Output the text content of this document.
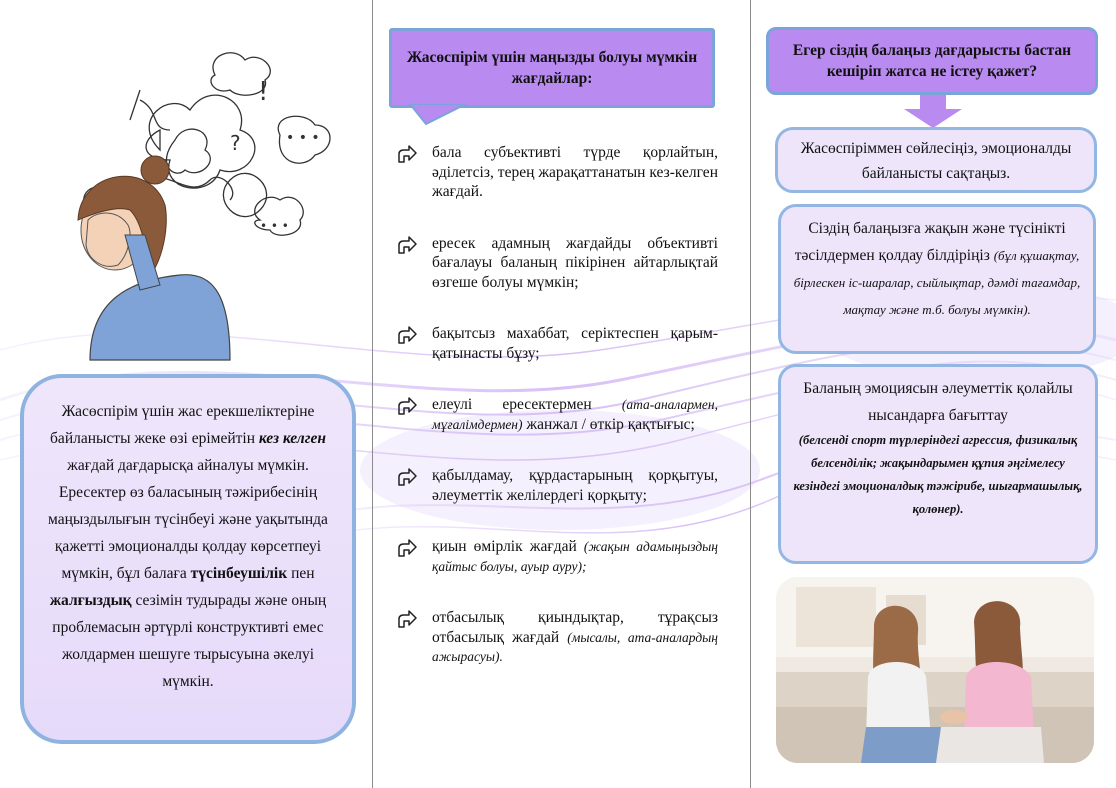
!
?	• • •
• • •
Жасөспірім үшін жас ерекшеліктеріне байланысты жеке өзі ерімейтін кез келген жағдай дағдарысқа айналуы мүмкін.
Ересектер өз баласының тәжірибесінің маңыздылығын түсінбеуі және уақытында қажетті эмоционалды қолдау көрсетпеуі мүмкін, бұл балаға түсінбеушілік пен жалғыздық сезімін тудырады және оның проблемасын әртүрлі конструктивті емес жолдармен шешуге тырысуына әкелуі мүмкін.
Жасөспірім үшін маңызды болуы мүмкін жағдайлар:
бала субъективті түрде қорлайтын, әділетсіз, терең жарақаттанатын кез-келген жағдай.
ересек адамның жағдайды объективті бағалауы баланың пікірінен айтарлықтай өзгеше болуы мүмкін;
бақытсыз махаббат, серіктеспен қарым-қатынасты бұзу;
елеулі ересектермен (ата-аналармен, мұғалімдермен) жанжал / өткір қақтығыс;
қабылдамау, құрдастарының қорқытуы, әлеуметтік желілердегі қорқыту;
қиын өмірлік жағдай (жақын адамыңыздың қайтыс болуы, ауыр ауру);
отбасылық қиындықтар, тұрақсыз отбасылық жағдай (мысалы, ата-аналардың ажырасуы).
Егер сіздің балаңыз дағдарысты бастан кешіріп жатса не істеу қажет?
Жасөспіріммен сөйлесіңіз, эмоционалды байланысты сақтаңыз.
Сіздің балаңызға жақын және түсінікті тәсілдермен қолдау білдіріңіз (бұл құшақтау, бірлескен іс-шаралар, сыйлықтар, дәмді тағамдар, мақтау және т.б. болуы мүмкін).
Баланың эмоциясын әлеуметтік қолайлы нысандарға бағыттау
(белсенді спорт түрлеріндегі агрессия, физикалық белсенділік; жақындарымен құпия әңгімелесу кезіндегі эмоционалдық тәжірибе, шығармашылық, қолөнер).
